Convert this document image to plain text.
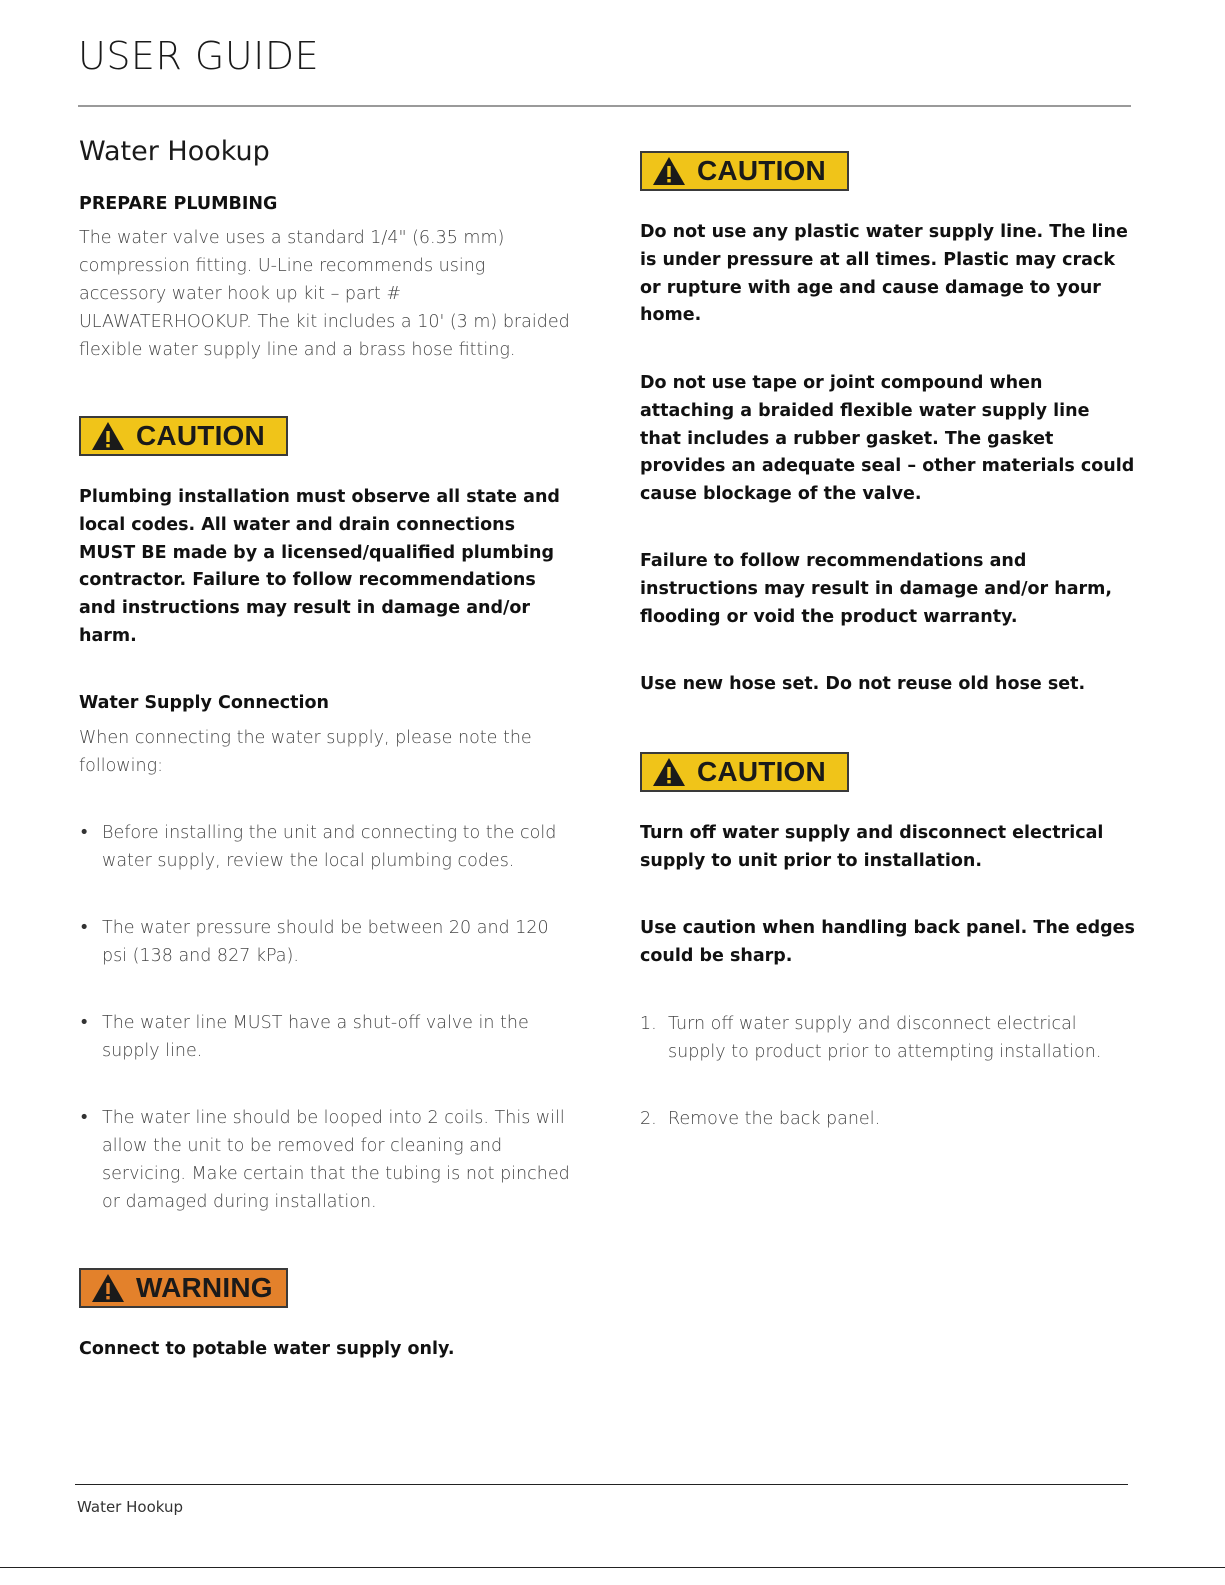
USER GUIDE
Water Hookup
PREPARE PLUMBING

The water valve uses a standard 1/4" (6.35 mm) compression fitting. U-Line recommends using accessory water hook up kit – part # ULAWATERHOOKUP. The kit includes a 10' (3 m) braided flexible water supply line and a brass hose fitting.

CAUTION

Plumbing installation must observe all state and local codes. All water and drain connections MUST BE made by a licensed/qualified plumbing contractor. Failure to follow recommendations and instructions may result in damage and/or harm.

Water Supply Connection

When connecting the water supply, please note the following:

• Before installing the unit and connecting to the cold water supply, review the local plumbing codes.

• The water pressure should be between 20 and 120 psi (138 and 827 kPa).

• The water line MUST have a shut-off valve in the supply line.

• The water line should be looped into 2 coils. This will allow the unit to be removed for cleaning and servicing. Make certain that the tubing is not pinched or damaged during installation.

WARNING

Connect to potable water supply only.

CAUTION

Do not use any plastic water supply line. The line is under pressure at all times. Plastic may crack or rupture with age and cause damage to your home.

Do not use tape or joint compound when attaching a braided flexible water supply line that includes a rubber gasket. The gasket provides an adequate seal – other materials could cause blockage of the valve.

Failure to follow recommendations and instructions may result in damage and/or harm, flooding or void the product warranty.

Use new hose set. Do not reuse old hose set.

CAUTION

Turn off water supply and disconnect electrical supply to unit prior to installation.

Use caution when handling back panel. The edges could be sharp.

1. Turn off water supply and disconnect electrical supply to product prior to attempting installation.

2. Remove the back panel.

Water Hookup
